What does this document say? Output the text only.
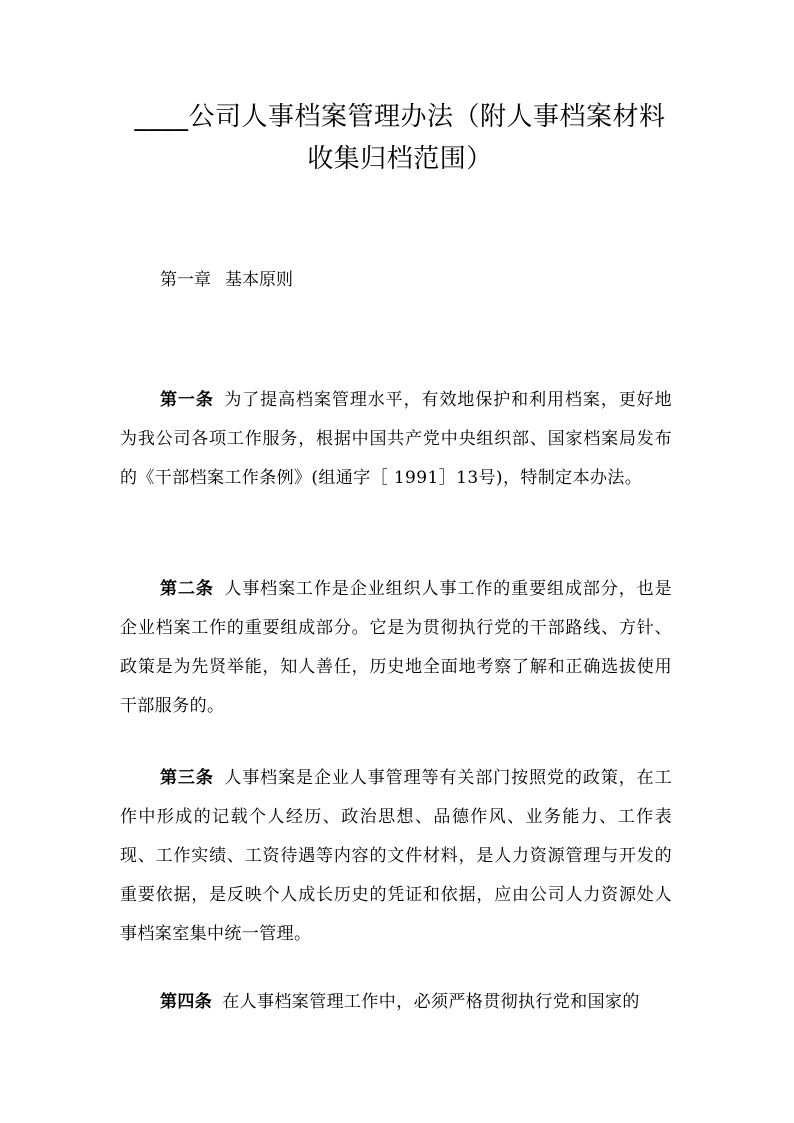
____公司人事档案管理办法（附人事档案材料
收集归档范围）

第一章 基本原则

第一条 为了提高档案管理水平，有效地保护和利用档案，更好地为我公司各项工作服务，根据中国共产党中央组织部、国家档案局发布的《干部档案工作条例》(组通字［ 1991］13号)，特制定本办法。

第二条 人事档案工作是企业组织人事工作的重要组成部分，也是企业档案工作的重要组成部分。它是为贯彻执行党的干部路线、方针、政策是为先贤举能，知人善任，历史地全面地考察了解和正确选拔使用干部服务的。

第三条 人事档案是企业人事管理等有关部门按照党的政策，在工作中形成的记载个人经历、政治思想、品德作风、业务能力、工作表现、工作实绩、工资待遇等内容的文件材料，是人力资源管理与开发的重要依据，是反映个人成长历史的凭证和依据，应由公司人力资源处人事档案室集中统一管理。

第四条 在人事档案管理工作中，必须严格贯彻执行党和国家的
